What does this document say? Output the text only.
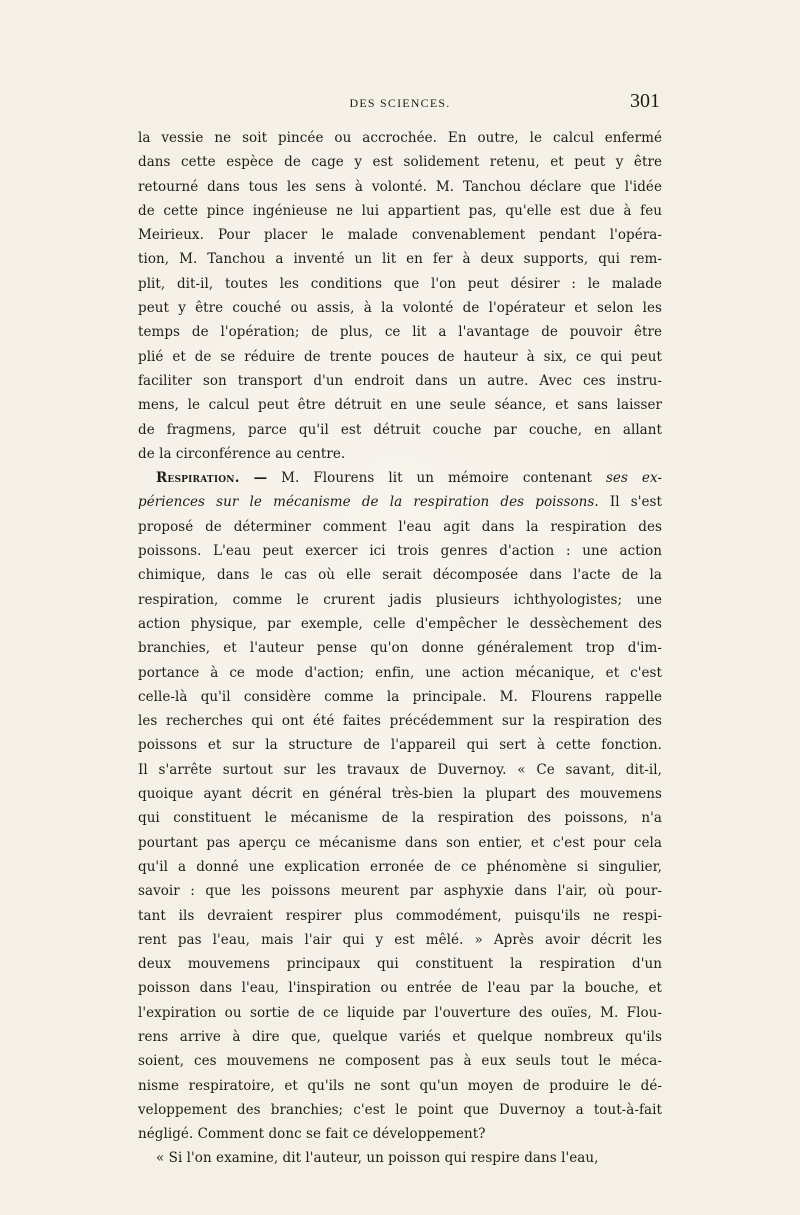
DES SCIENCES.	301
la vessie ne soit pincée ou accrochée. En outre, le calcul enfermé
dans cette espèce de cage y est solidement retenu, et peut y être
retourné dans tous les sens à volonté. M. Tanchou déclare que l'idée
de cette pince ingénieuse ne lui appartient pas, qu'elle est due à feu
Meirieux. Pour placer le malade convenablement pendant l'opéra-
tion, M. Tanchou a inventé un lit en fer à deux supports, qui rem-
plit, dit-il, toutes les conditions que l'on peut désirer : le malade
peut y être couché ou assis, à la volonté de l'opérateur et selon les
temps de l'opération; de plus, ce lit a l'avantage de pouvoir être
plié et de se réduire de trente pouces de hauteur à six, ce qui peut
faciliter son transport d'un endroit dans un autre. Avec ces instru-
mens, le calcul peut être détruit en une seule séance, et sans laisser
de fragmens, parce qu'il est détruit couche par couche, en allant
de la circonférence au centre.
Respiration. — M. Flourens lit un mémoire contenant ses ex-
périences sur le mécanisme de la respiration des poissons. Il s'est
proposé de déterminer comment l'eau agit dans la respiration des
poissons. L'eau peut exercer ici trois genres d'action : une action
chimique, dans le cas où elle serait décomposée dans l'acte de la
respiration, comme le crurent jadis plusieurs ichthyologistes; une
action physique, par exemple, celle d'empêcher le dessèchement des
branchies, et l'auteur pense qu'on donne généralement trop d'im-
portance à ce mode d'action; enfin, une action mécanique, et c'est
celle-là qu'il considère comme la principale. M. Flourens rappelle
les recherches qui ont été faites précédemment sur la respiration des
poissons et sur la structure de l'appareil qui sert à cette fonction.
Il s'arrête surtout sur les travaux de Duvernoy. « Ce savant, dit-il,
quoique ayant décrit en général très-bien la plupart des mouvemens
qui constituent le mécanisme de la respiration des poissons, n'a
pourtant pas aperçu ce mécanisme dans son entier, et c'est pour cela
qu'il a donné une explication erronée de ce phénomène si singulier,
savoir : que les poissons meurent par asphyxie dans l'air, où pour-
tant ils devraient respirer plus commodément, puisqu'ils ne respi-
rent pas l'eau, mais l'air qui y est mêlé. » Après avoir décrit les
deux mouvemens principaux qui constituent la respiration d'un
poisson dans l'eau, l'inspiration ou entrée de l'eau par la bouche, et
l'expiration ou sortie de ce liquide par l'ouverture des ouïes, M. Flou-
rens arrive à dire que, quelque variés et quelque nombreux qu'ils
soient, ces mouvemens ne composent pas à eux seuls tout le méca-
nisme respiratoire, et qu'ils ne sont qu'un moyen de produire le dé-
veloppement des branchies; c'est le point que Duvernoy a tout-à-fait
négligé. Comment donc se fait ce développement?
« Si l'on examine, dit l'auteur, un poisson qui respire dans l'eau,
